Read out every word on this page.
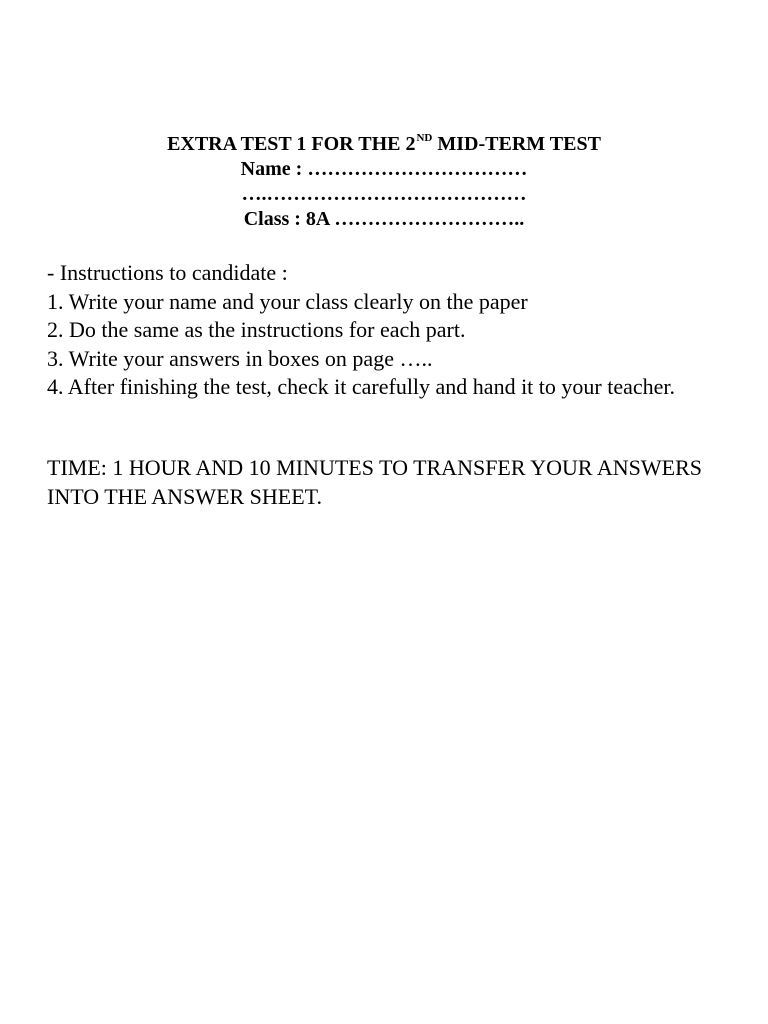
EXTRA TEST 1 FOR THE 2ND MID-TERM TEST
Name : ……………………………
….…………………………………
Class : 8A ………………………..
- Instructions to candidate :
1. Write your name and your class clearly on the paper
2. Do the same as the instructions for each part.
3. Write your answers in boxes on page …..
4. After finishing the test, check it carefully and hand it to your teacher.
TIME: 1 HOUR AND 10 MINUTES TO TRANSFER YOUR ANSWERS INTO THE ANSWER SHEET.
